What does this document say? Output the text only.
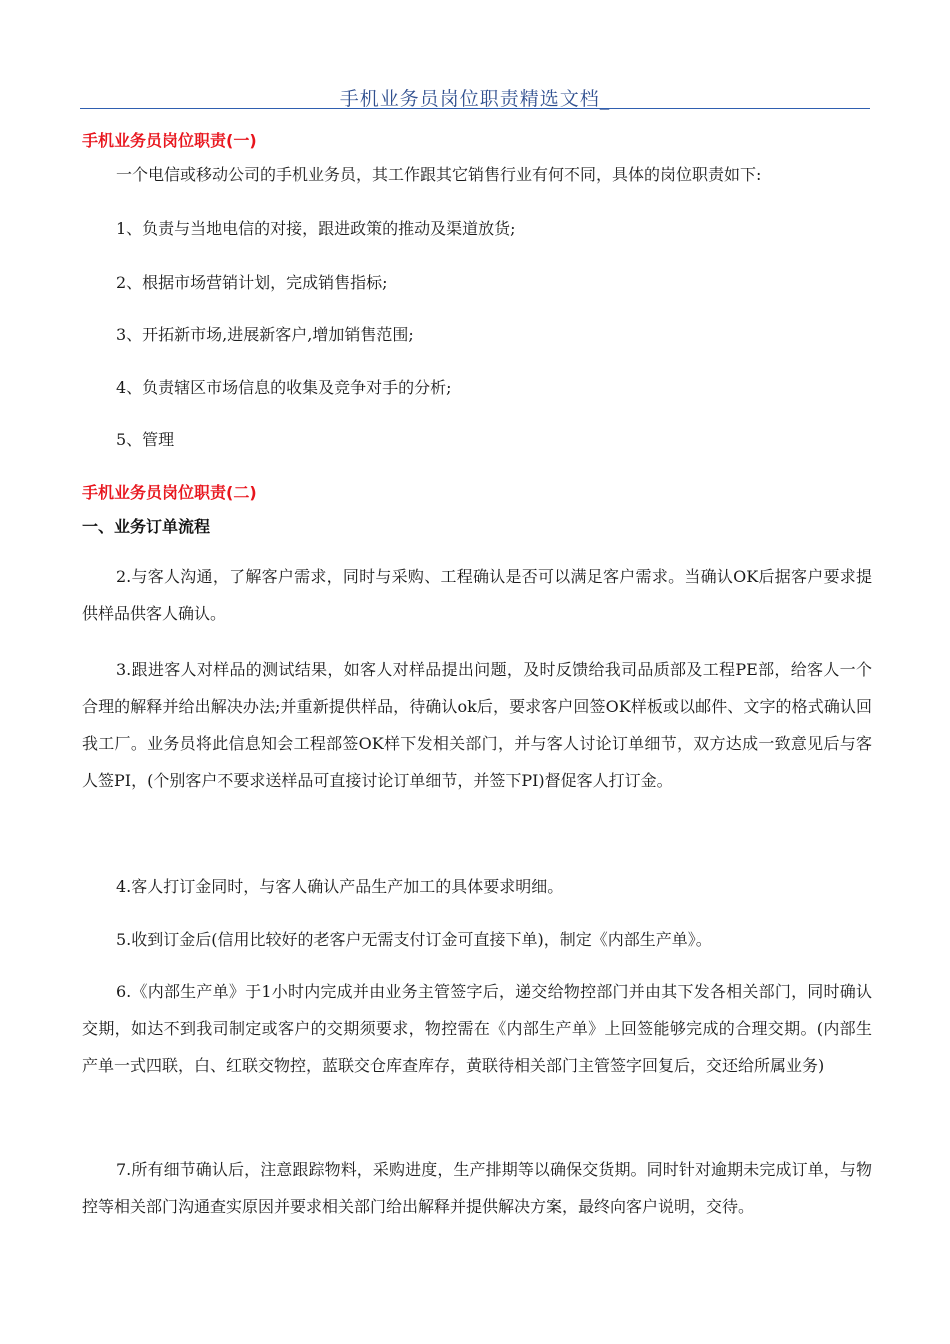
手机业务员岗位职责精选文档_
手机业务员岗位职责(一)
一个电信或移动公司的手机业务员，其工作跟其它销售行业有何不同，具体的岗位职责如下:
1、负责与当地电信的对接，跟进政策的推动及渠道放货;
2、根据市场营销计划，完成销售指标;
3、开拓新市场,进展新客户,增加销售范围;
4、负责辖区市场信息的收集及竞争对手的分析;
5、管理
手机业务员岗位职责(二)
一、业务订单流程
2.与客人沟通，了解客户需求，同时与采购、工程确认是否可以满足客户需求。当确认OK后据客户要求提供样品供客人确认。
3.跟进客人对样品的测试结果，如客人对样品提出问题，及时反馈给我司品质部及工程PE部，给客人一个合理的解释并给出解决办法;并重新提供样品，待确认ok后，要求客户回签OK样板或以邮件、文字的格式确认回我工厂。业务员将此信息知会工程部签OK样下发相关部门，并与客人讨论订单细节，双方达成一致意见后与客人签PI，(个别客户不要求送样品可直接讨论订单细节，并签下PI)督促客人打订金。
4.客人打订金同时，与客人确认产品生产加工的具体要求明细。
5.收到订金后(信用比较好的老客户无需支付订金可直接下单)，制定《内部生产单》。
6.《内部生产单》于1小时内完成并由业务主管签字后，递交给物控部门并由其下发各相关部门，同时确认交期，如达不到我司制定或客户的交期须要求，物控需在《内部生产单》上回签能够完成的合理交期。(内部生产单一式四联，白、红联交物控，蓝联交仓库查库存，黄联待相关部门主管签字回复后，交还给所属业务)
7.所有细节确认后，注意跟踪物料，采购进度，生产排期等以确保交货期。同时针对逾期未完成订单，与物控等相关部门沟通查实原因并要求相关部门给出解释并提供解决方案，最终向客户说明，交待。
